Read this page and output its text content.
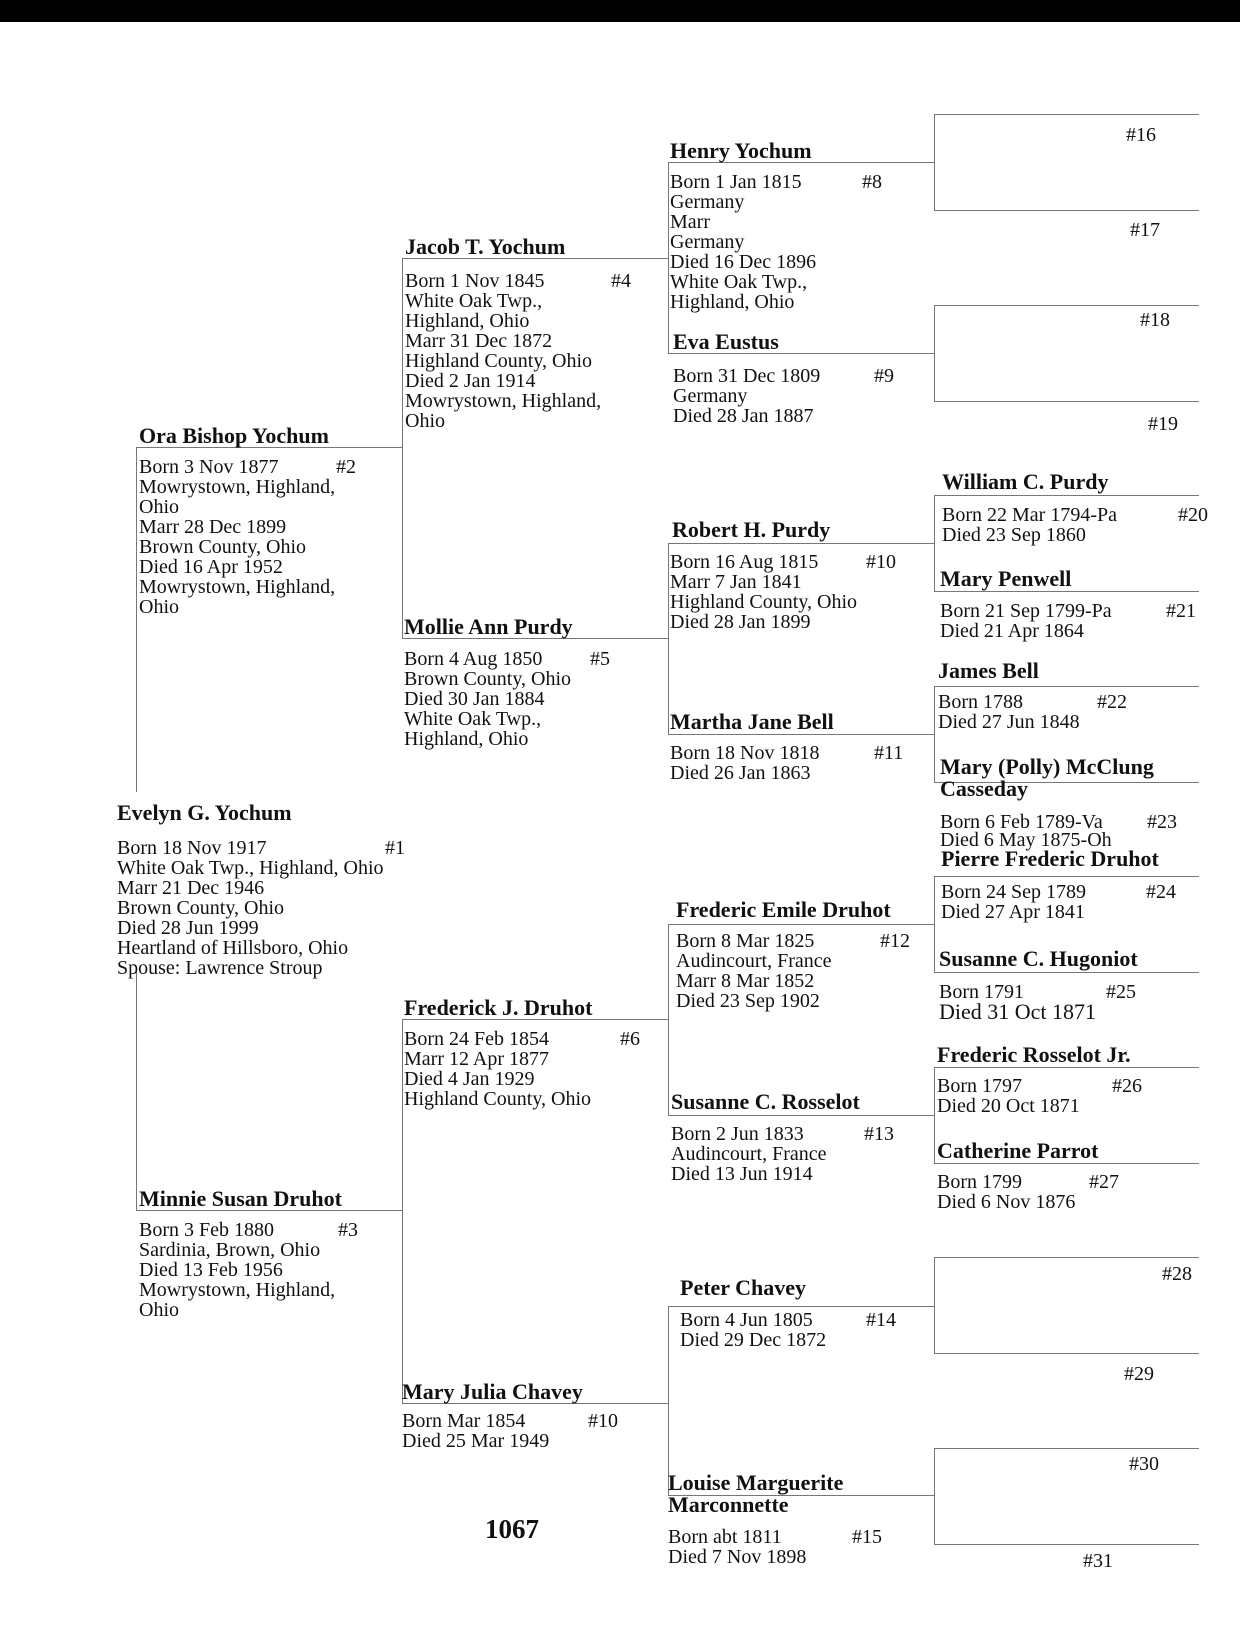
Evelyn G. Yochum
#1
Born 18 Nov 1917
White Oak Twp., Highland, Ohio
Marr 21 Dec 1946
Brown County, Ohio
Died 28 Jun 1999
Heartland of Hillsboro, Ohio
Spouse: Lawrence Stroup
Ora Bishop Yochum
#2
Born 3 Nov 1877
Mowrystown, Highland,
Ohio
Marr 28 Dec 1899
Brown County, Ohio
Died 16 Apr 1952
Mowrystown, Highland,
Ohio
Minnie Susan Druhot
#3
Born 3 Feb 1880
Sardinia, Brown, Ohio
Died 13 Feb 1956
Mowrystown, Highland,
Ohio
Jacob T. Yochum
#4
Born 1 Nov 1845
White Oak Twp.,
Highland, Ohio
Marr 31 Dec 1872
Highland County, Ohio
Died 2 Jan 1914
Mowrystown, Highland,
Ohio
Mollie Ann Purdy
#5
Born 4 Aug 1850
Brown County, Ohio
Died 30 Jan 1884
White Oak Twp.,
Highland, Ohio
Frederick J. Druhot
#6
Born 24 Feb 1854
Marr 12 Apr 1877
Died 4 Jan 1929
Highland County, Ohio
Mary Julia Chavey
#10
Born Mar 1854
Died 25 Mar 1949
Henry Yochum
#8
Born 1 Jan 1815
Germany
Marr
Germany
Died 16 Dec 1896
White Oak Twp.,
Highland, Ohio
Eva Eustus
#9
Born 31 Dec 1809
Germany
Died 28 Jan 1887
Robert H. Purdy
#10
Born 16 Aug 1815
Marr 7 Jan 1841
Highland County, Ohio
Died 28 Jan 1899
Martha Jane Bell
#11
Born 18 Nov 1818
Died 26 Jan 1863
Frederic Emile Druhot
#12
Born 8 Mar 1825
Audincourt, France
Marr 8 Mar 1852
Died 23 Sep 1902
Susanne C. Rosselot
#13
Born 2 Jun 1833
Audincourt, France
Died 13 Jun 1914
Peter Chavey
#14
Born 4 Jun 1805
Died 29 Dec 1872
Louise Marguerite
Marconnette
#15
Born abt 1811
Died 7 Nov 1898
#16
#17
#18
#19
William C. Purdy
#20
Born 22 Mar 1794-Pa
Died 23 Sep 1860
Mary Penwell
#21
Born 21 Sep 1799-Pa
Died 21 Apr 1864
James Bell
#22
Born 1788
Died 27 Jun 1848
Mary (Polly) McClung
Casseday
#23
Born 6 Feb 1789-Va
Died 6 May 1875-Oh
Pierre Frederic Druhot
#24
Born 24 Sep 1789
Died 27 Apr 1841
Susanne C. Hugoniot
#25
Born 1791
Died 31 Oct 1871
Frederic Rosselot Jr.
#26
Born 1797
Died 20 Oct 1871
Catherine Parrot
#27
Born 1799
Died 6 Nov 1876
#28
#29
#30
#31
1067
